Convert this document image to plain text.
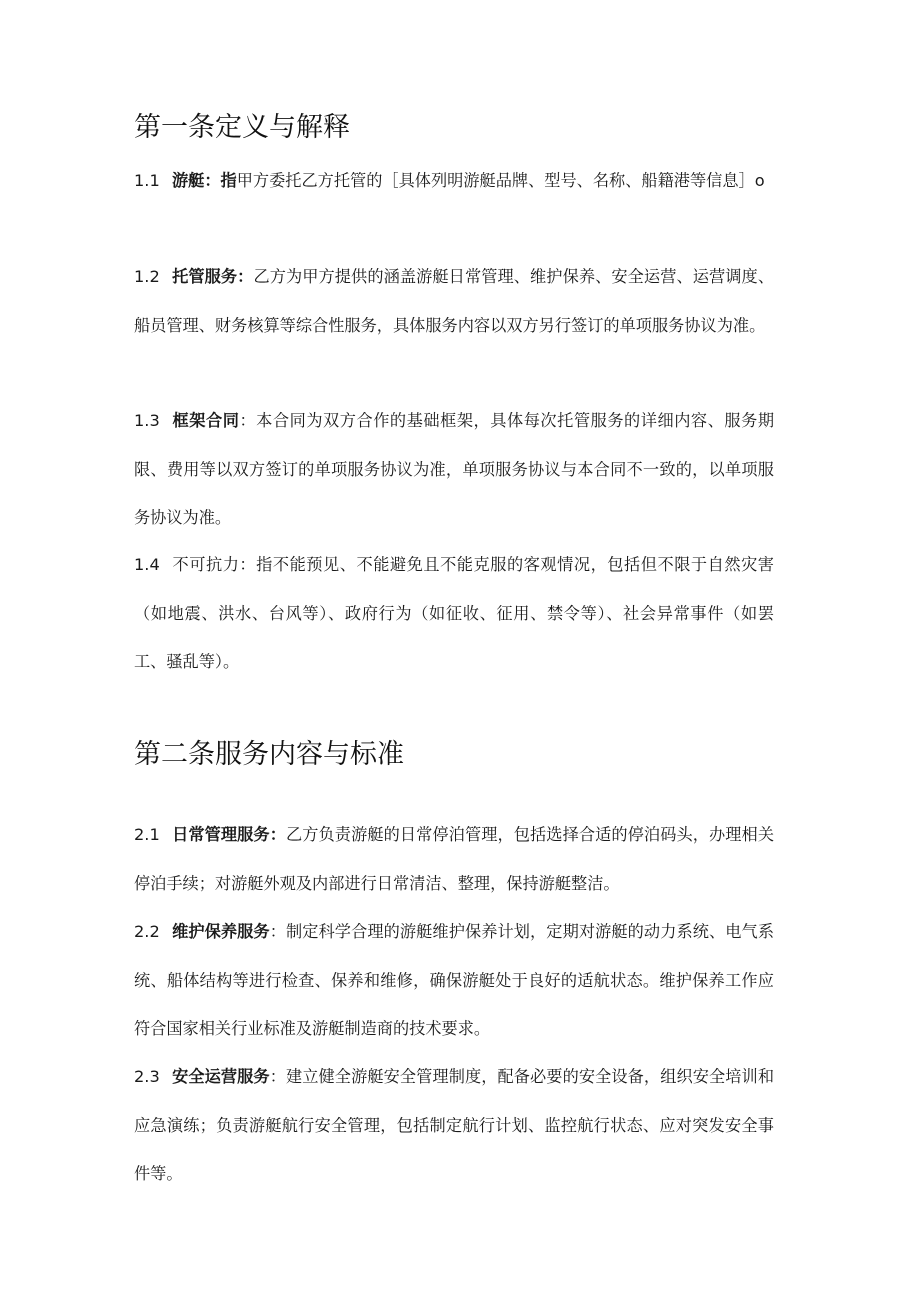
第一条定义与解释

1.1 游艇：指甲方委托乙方托管的［具体列明游艇品牌、型号、名称、船籍港等信息］o

1.2 托管服务：乙方为甲方提供的涵盖游艇日常管理、维护保养、安全运营、运营调度、船员管理、财务核算等综合性服务，具体服务内容以双方另行签订的单项服务协议为准。

1.3 框架合同：本合同为双方合作的基础框架，具体每次托管服务的详细内容、服务期限、费用等以双方签订的单项服务协议为准，单项服务协议与本合同不一致的，以单项服务协议为准。

1.4 不可抗力：指不能预见、不能避免且不能克服的客观情况，包括但不限于自然灾害（如地震、洪水、台风等）、政府行为（如征收、征用、禁令等）、社会异常事件（如罢工、骚乱等）。

第二条服务内容与标准

2.1 日常管理服务：乙方负责游艇的日常停泊管理，包括选择合适的停泊码头，办理相关停泊手续；对游艇外观及内部进行日常清洁、整理，保持游艇整洁。

2.2 维护保养服务：制定科学合理的游艇维护保养计划，定期对游艇的动力系统、电气系统、船体结构等进行检查、保养和维修，确保游艇处于良好的适航状态。维护保养工作应符合国家相关行业标准及游艇制造商的技术要求。

2.3 安全运营服务：建立健全游艇安全管理制度，配备必要的安全设备，组织安全培训和应急演练；负责游艇航行安全管理，包括制定航行计划、监控航行状态、应对突发安全事件等。
